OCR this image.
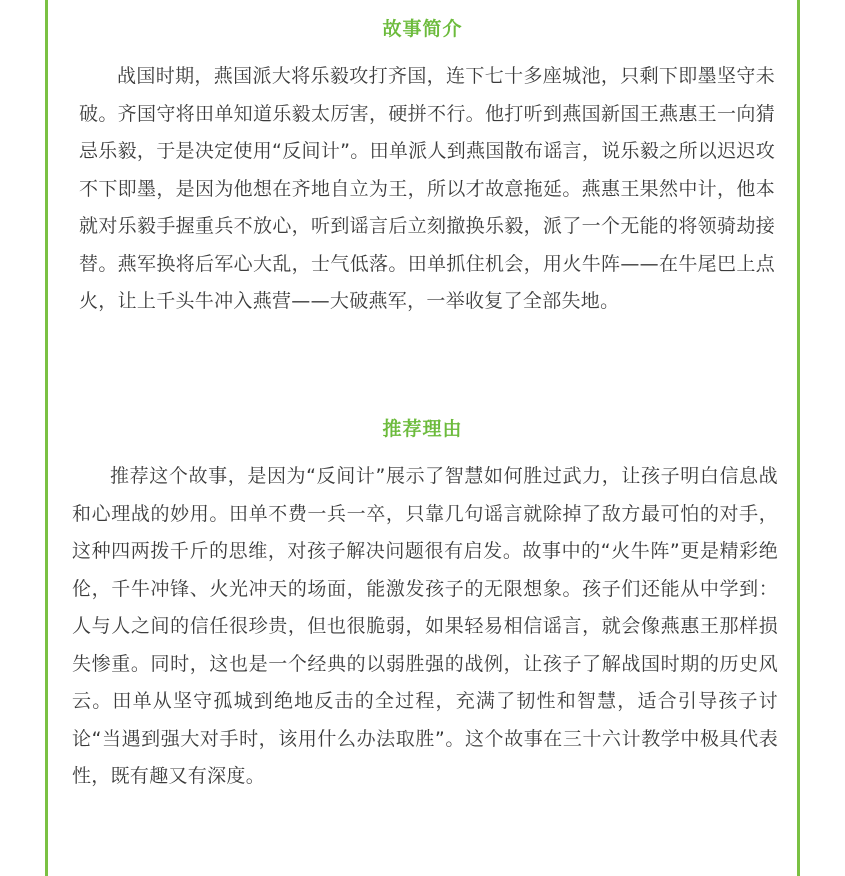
故事简介

战国时期，燕国派大将乐毅攻打齐国，连下七十多座城池，只剩下即墨坚守未破。齐国守将田单知道乐毅太厉害，硬拼不行。他打听到燕国新国王燕惠王一向猜忌乐毅，于是决定使用“反间计”。田单派人到燕国散布谣言，说乐毅之所以迟迟攻不下即墨，是因为他想在齐地自立为王，所以才故意拖延。燕惠王果然中计，他本就对乐毅手握重兵不放心，听到谣言后立刻撤换乐毅，派了一个无能的将领骑劫接替。燕军换将后军心大乱，士气低落。田单抓住机会，用火牛阵——在牛尾巴上点火，让上千头牛冲入燕营——大破燕军，一举收复了全部失地。

推荐理由

推荐这个故事，是因为“反间计”展示了智慧如何胜过武力，让孩子明白信息战和心理战的妙用。田单不费一兵一卒，只靠几句谣言就除掉了敌方最可怕的对手，这种四两拨千斤的思维，对孩子解决问题很有启发。故事中的“火牛阵”更是精彩绝伦，千牛冲锋、火光冲天的场面，能激发孩子的无限想象。孩子们还能从中学到：人与人之间的信任很珍贵，但也很脆弱，如果轻易相信谣言，就会像燕惠王那样损失惨重。同时，这也是一个经典的以弱胜强的战例，让孩子了解战国时期的历史风云。田单从坚守孤城到绝地反击的全过程，充满了韧性和智慧，适合引导孩子讨论“当遇到强大对手时，该用什么办法取胜”。这个故事在三十六计教学中极具代表性，既有趣又有深度。
